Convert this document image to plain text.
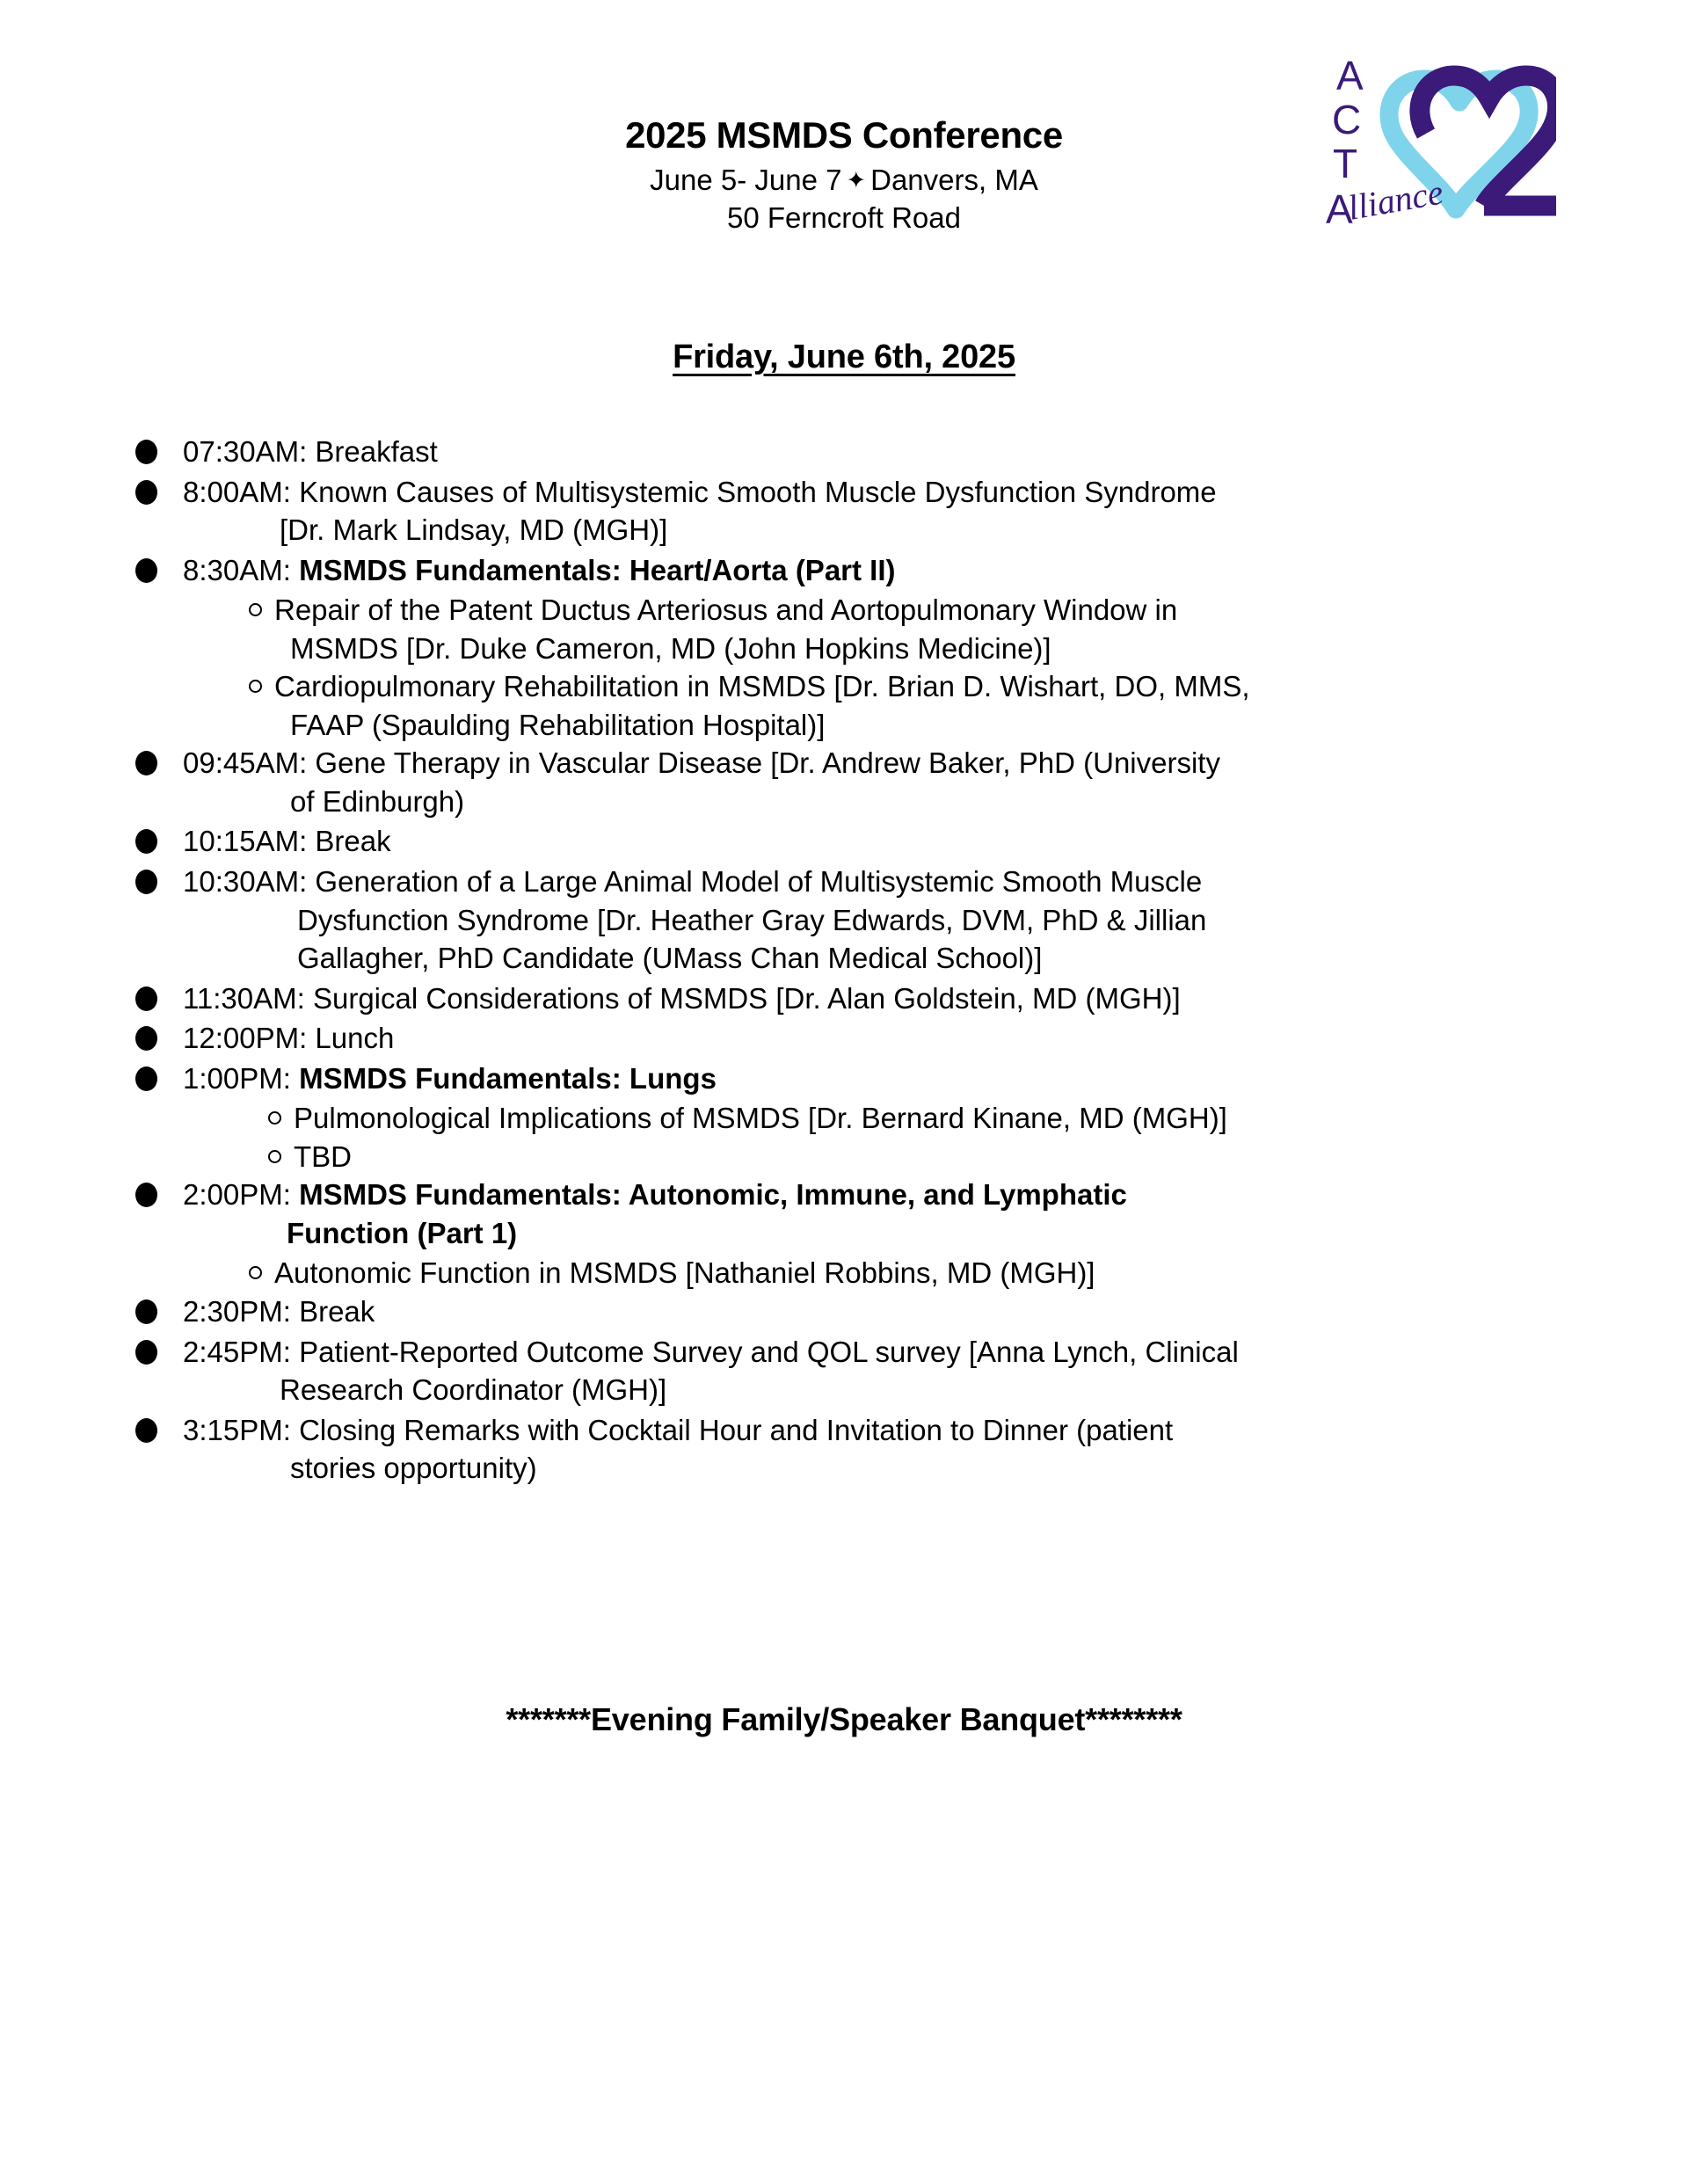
2025 MSMDS Conference
June 5- June 7 ✦ Danvers, MA
50 Ferncroft Road
A
C
T
A
lliance
Friday, June 6th, 2025
07:30AM: Breakfast
8:00AM: Known Causes of Multisystemic Smooth Muscle Dysfunction Syndrome
[Dr. Mark Lindsay, MD (MGH)]
8:30AM: MSMDS Fundamentals: Heart/Aorta (Part II)
Repair of the Patent Ductus Arteriosus and Aortopulmonary Window in
MSMDS [Dr. Duke Cameron, MD (John Hopkins Medicine)]
Cardiopulmonary Rehabilitation in MSMDS [Dr. Brian D. Wishart, DO, MMS,
FAAP (Spaulding Rehabilitation Hospital)]
09:45AM: Gene Therapy in Vascular Disease [Dr. Andrew Baker, PhD (University
of Edinburgh)
10:15AM: Break
10:30AM: Generation of a Large Animal Model of Multisystemic Smooth Muscle
Dysfunction Syndrome [Dr. Heather Gray Edwards, DVM, PhD & Jillian
Gallagher, PhD Candidate (UMass Chan Medical School)]
11:30AM: Surgical Considerations of MSMDS [Dr. Alan Goldstein, MD (MGH)]
12:00PM: Lunch
1:00PM: MSMDS Fundamentals: Lungs
Pulmonological Implications of MSMDS [Dr. Bernard Kinane, MD (MGH)]
TBD
2:00PM: MSMDS Fundamentals: Autonomic, Immune, and Lymphatic
Function (Part 1)
Autonomic Function in MSMDS [Nathaniel Robbins, MD (MGH)]
2:30PM: Break
2:45PM: Patient-Reported Outcome Survey and QOL survey [Anna Lynch, Clinical
Research Coordinator (MGH)]
3:15PM: Closing Remarks with Cocktail Hour and Invitation to Dinner (patient
stories opportunity)
*******Evening Family/Speaker Banquet********
